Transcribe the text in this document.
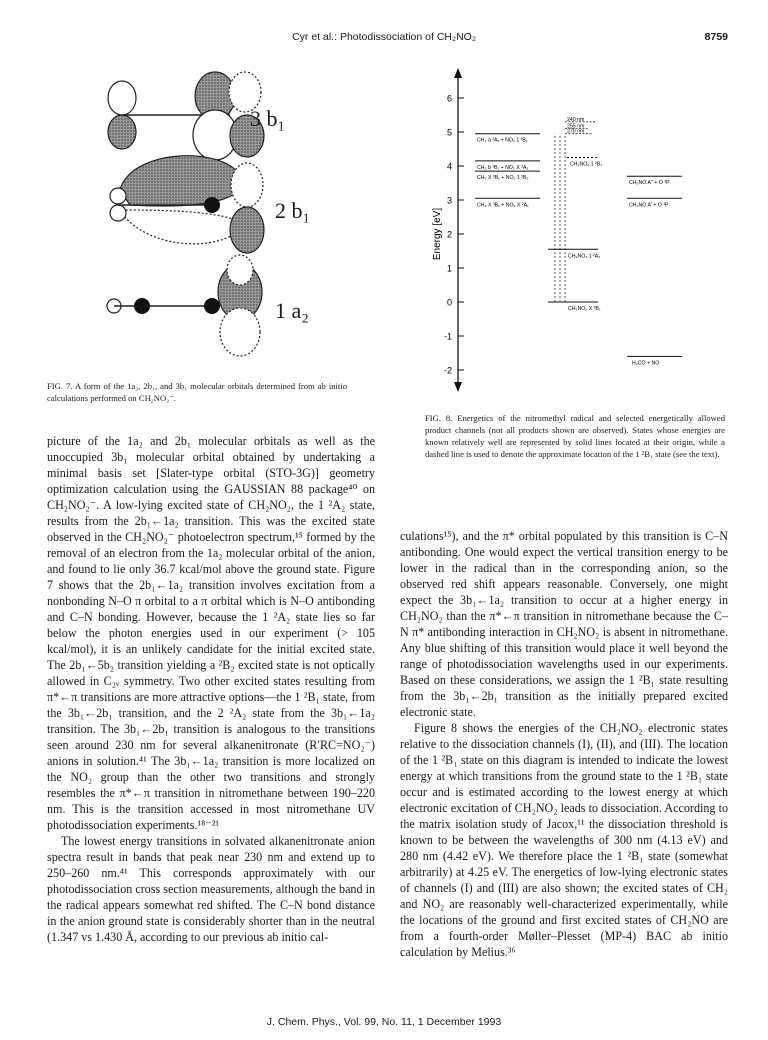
Cyr et al.: Photodissociation of CH₂NO₂	8759
3 b₁
2 b₁
1 a₂
FIG. 7. A form of the 1a₂, 2b₁, and 3b₁ molecular orbitals determined from ab initio calculations performed on CH₂NO₂⁻.
Energy [eV]
6
5
4
3
2
1
0
-1
-2
CH₂ a ¹A₁ + NO₂ 1 ²B₁
CH₂ b ¹B₁ + NO₂ X ²A₁
CH₂ X ³B₁ + NO₂ 1 ²B₂
CH₂ X ³B₁ + NO₂ X ²A₁
CH₂NO₂ 1 ²B₁
CH₂NO₂ 1 ²A₂
CH₂NO₂ X ²B₁
CH₂NO A'' + O ³P
CH₂NO A' + O ³P
H₂CO + NO
240 nm
255 nm
270 nm
FIG. 8. Energetics of the nitromethyl radical and selected energetically allowed product channels (not all products shown are observed). States whose energies are known relatively well are represented by solid lines located at their origin, while a dashed line is used to denote the approximate location of the 1 ²B₁ state (see the text).

picture of the 1a₂ and 2b₁ molecular orbitals as well as the unoccupied 3b₁ molecular orbital obtained by undertaking a minimal basis set [Slater-type orbital (STO-3G)] geometry optimization calculation using the GAUSSIAN 88 package⁴⁰ on CH₂NO₂⁻. A low-lying excited state of CH₂NO₂, the 1 ²A₂ state, results from the 2b₁←1a₂ transition. This was the excited state observed in the CH₂NO₂⁻ photoelectron spectrum,¹⁵ formed by the removal of an electron from the 1a₂ molecular orbital of the anion, and found to lie only 36.7 kcal/mol above the ground state. Figure 7 shows that the 2b₁←1a₂ transition involves excitation from a nonbonding N–O π orbital to a π orbital which is N–O antibonding and C–N bonding. However, because the 1 ²A₂ state lies so far below the photon energies used in our experiment (> 105 kcal/mol), it is an unlikely candidate for the initial excited state. The 2b₁←5b₂ transition yielding a ²B₂ excited state is not optically allowed in C₂ᵥ symmetry. Two other excited states resulting from π*←π transitions are more attractive options—the 1 ²B₁ state, from the 3b₁←2b₁ transition, and the 2 ²A₂ state from the 3b₁←1a₂ transition. The 3b₁←2b₁ transition is analogous to the transitions seen around 230 nm for several alkanenitronate (R′RC=NO₂⁻) anions in solution.⁴¹ The 3b₁←1a₂ transition is more localized on the NO₂ group than the other two transitions and strongly resembles the π*←π transition in nitromethane between 190–220 nm. This is the transition accessed in most nitromethane UV photodissociation experiments.¹⁸⁻²¹

The lowest energy transitions in solvated alkanenitronate anion spectra result in bands that peak near 230 nm and extend up to 250–260 nm.⁴¹ This corresponds approximately with our photodissociation cross section measurements, although the band in the radical appears somewhat red shifted. The C–N bond distance in the anion ground state is considerably shorter than in the neutral (1.347 vs 1.430 Å, according to our previous ab initio cal-

culations¹⁵), and the π* orbital populated by this transition is C–N antibonding. One would expect the vertical transition energy to be lower in the radical than in the corresponding anion, so the observed red shift appears reasonable. Conversely, one might expect the 3b₁←1a₂ transition to occur at a higher energy in CH₂NO₂ than the π*←π transition in nitromethane because the C–N π* antibonding interaction in CH₂NO₂ is absent in nitromethane. Any blue shifting of this transition would place it well beyond the range of photodissociation wavelengths used in our experiments. Based on these considerations, we assign the 1 ²B₁ state resulting from the 3b₁←2b₁ transition as the initially prepared excited electronic state.

Figure 8 shows the energies of the CH₂NO₂ electronic states relative to the dissociation channels (I), (II), and (III). The location of the 1 ²B₁ state on this diagram is intended to indicate the lowest energy at which transitions from the ground state to the 1 ²B₁ state occur and is estimated according to the lowest energy at which electronic excitation of CH₂NO₂ leads to dissociation. According to the matrix isolation study of Jacox,¹¹ the dissociation threshold is known to be between the wavelengths of 300 nm (4.13 eV) and 280 nm (4.42 eV). We therefore place the 1 ²B₁ state (somewhat arbitrarily) at 4.25 eV. The energetics of low-lying electronic states of channels (I) and (III) are also shown; the excited states of CH₂ and NO₂ are reasonably well-characterized experimentally, while the locations of the ground and first excited states of CH₂NO are from a fourth-order Møller–Plesset (MP-4) BAC ab initio calculation by Melius.³⁶

J. Chem. Phys., Vol. 99, No. 11, 1 December 1993
